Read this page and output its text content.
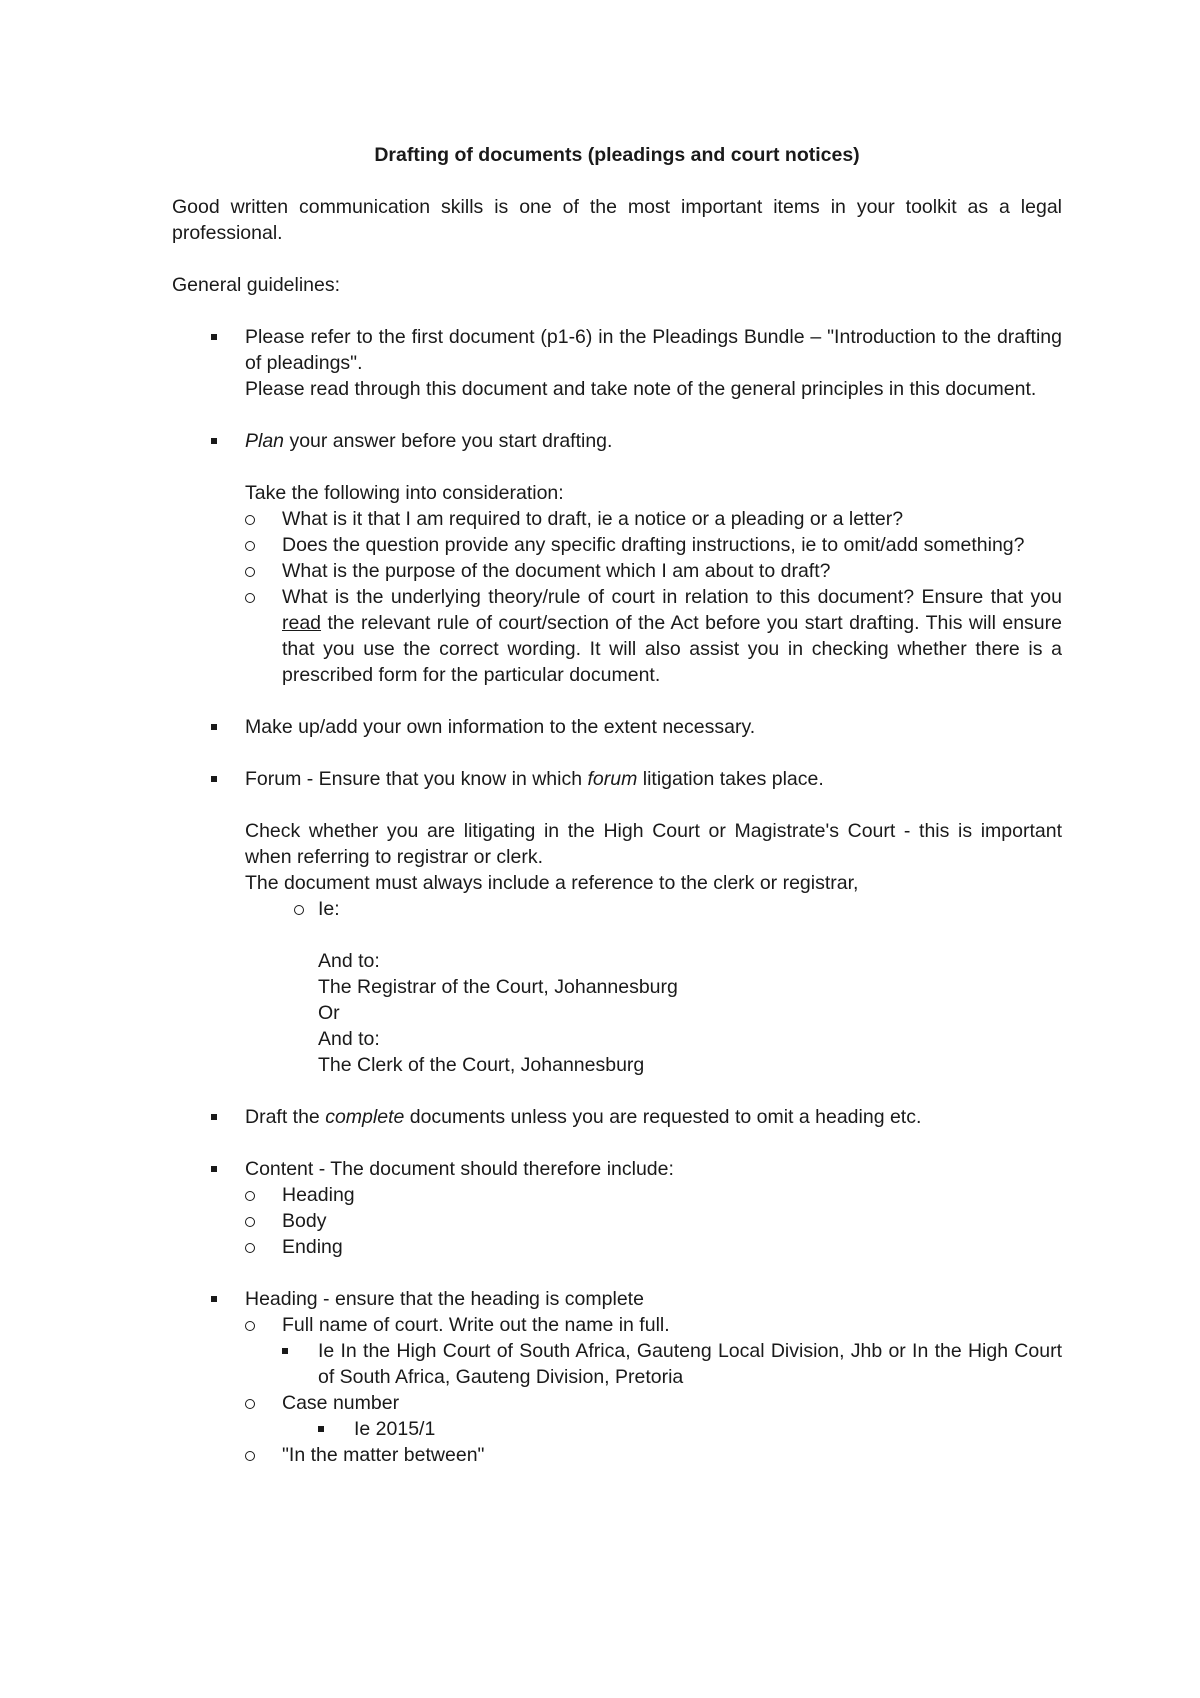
Drafting of documents (pleadings and court notices)

Good written communication skills is one of the most important items in your toolkit as a legal professional.

General guidelines:

Please refer to the first document (p1-6) in the Pleadings Bundle – "Introduction to the drafting of pleadings".

Please read through this document and take note of the general principles in this document.

Plan your answer before you start drafting.

Take the following into consideration:

What is it that I am required to draft, ie a notice or a pleading or a letter?

Does the question provide any specific drafting instructions, ie to omit/add something?

What is the purpose of the document which I am about to draft?

What is the underlying theory/rule of court in relation to this document? Ensure that you read the relevant rule of court/section of the Act before you start drafting. This will ensure that you use the correct wording. It will also assist you in checking whether there is a prescribed form for the particular document.

Make up/add your own information to the extent necessary.

Forum - Ensure that you know in which forum litigation takes place.

Check whether you are litigating in the High Court or Magistrate's Court - this is important when referring to registrar or clerk.

The document must always include a reference to the clerk or registrar,

Ie:

And to:

The Registrar of the Court, Johannesburg

Or

And to:

The Clerk of the Court, Johannesburg

Draft the complete documents unless you are requested to omit a heading etc.

Content - The document should therefore include:

Heading

Body

Ending

Heading - ensure that the heading is complete

Full name of court. Write out the name in full.

Ie In the High Court of South Africa, Gauteng Local Division, Jhb or In the High Court of South Africa, Gauteng Division, Pretoria

Case number

Ie 2015/1

"In the matter between"
